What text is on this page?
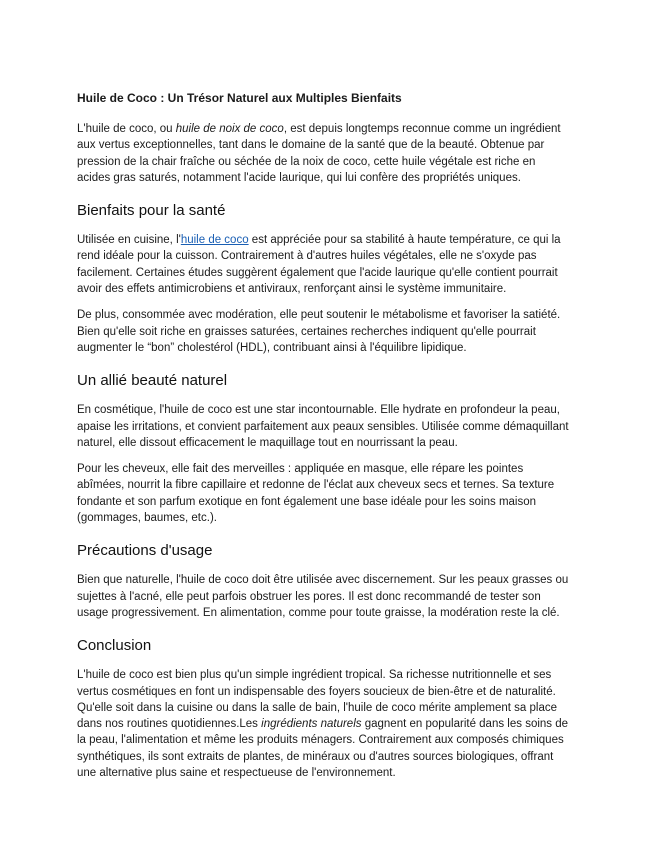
Huile de Coco : Un Trésor Naturel aux Multiples Bienfaits

L'huile de coco, ou huile de noix de coco, est depuis longtemps reconnue comme un ingrédient aux vertus exceptionnelles, tant dans le domaine de la santé que de la beauté. Obtenue par pression de la chair fraîche ou séchée de la noix de coco, cette huile végétale est riche en acides gras saturés, notamment l'acide laurique, qui lui confère des propriétés uniques.

Bienfaits pour la santé

Utilisée en cuisine, l'huile de coco est appréciée pour sa stabilité à haute température, ce qui la rend idéale pour la cuisson. Contrairement à d'autres huiles végétales, elle ne s'oxyde pas facilement. Certaines études suggèrent également que l'acide laurique qu'elle contient pourrait avoir des effets antimicrobiens et antiviraux, renforçant ainsi le système immunitaire.

De plus, consommée avec modération, elle peut soutenir le métabolisme et favoriser la satiété. Bien qu'elle soit riche en graisses saturées, certaines recherches indiquent qu'elle pourrait augmenter le “bon” cholestérol (HDL), contribuant ainsi à l'équilibre lipidique.

Un allié beauté naturel

En cosmétique, l'huile de coco est une star incontournable. Elle hydrate en profondeur la peau, apaise les irritations, et convient parfaitement aux peaux sensibles. Utilisée comme démaquillant naturel, elle dissout efficacement le maquillage tout en nourrissant la peau.

Pour les cheveux, elle fait des merveilles : appliquée en masque, elle répare les pointes abîmées, nourrit la fibre capillaire et redonne de l'éclat aux cheveux secs et ternes. Sa texture fondante et son parfum exotique en font également une base idéale pour les soins maison (gommages, baumes, etc.).

Précautions d'usage

Bien que naturelle, l'huile de coco doit être utilisée avec discernement. Sur les peaux grasses ou sujettes à l'acné, elle peut parfois obstruer les pores. Il est donc recommandé de tester son usage progressivement. En alimentation, comme pour toute graisse, la modération reste la clé.

Conclusion

L'huile de coco est bien plus qu'un simple ingrédient tropical. Sa richesse nutritionnelle et ses vertus cosmétiques en font un indispensable des foyers soucieux de bien-être et de naturalité. Qu'elle soit dans la cuisine ou dans la salle de bain, l'huile de coco mérite amplement sa place dans nos routines quotidiennes.Les ingrédients naturels gagnent en popularité dans les soins de la peau, l'alimentation et même les produits ménagers. Contrairement aux composés chimiques synthétiques, ils sont extraits de plantes, de minéraux ou d'autres sources biologiques, offrant une alternative plus saine et respectueuse de l'environnement.
